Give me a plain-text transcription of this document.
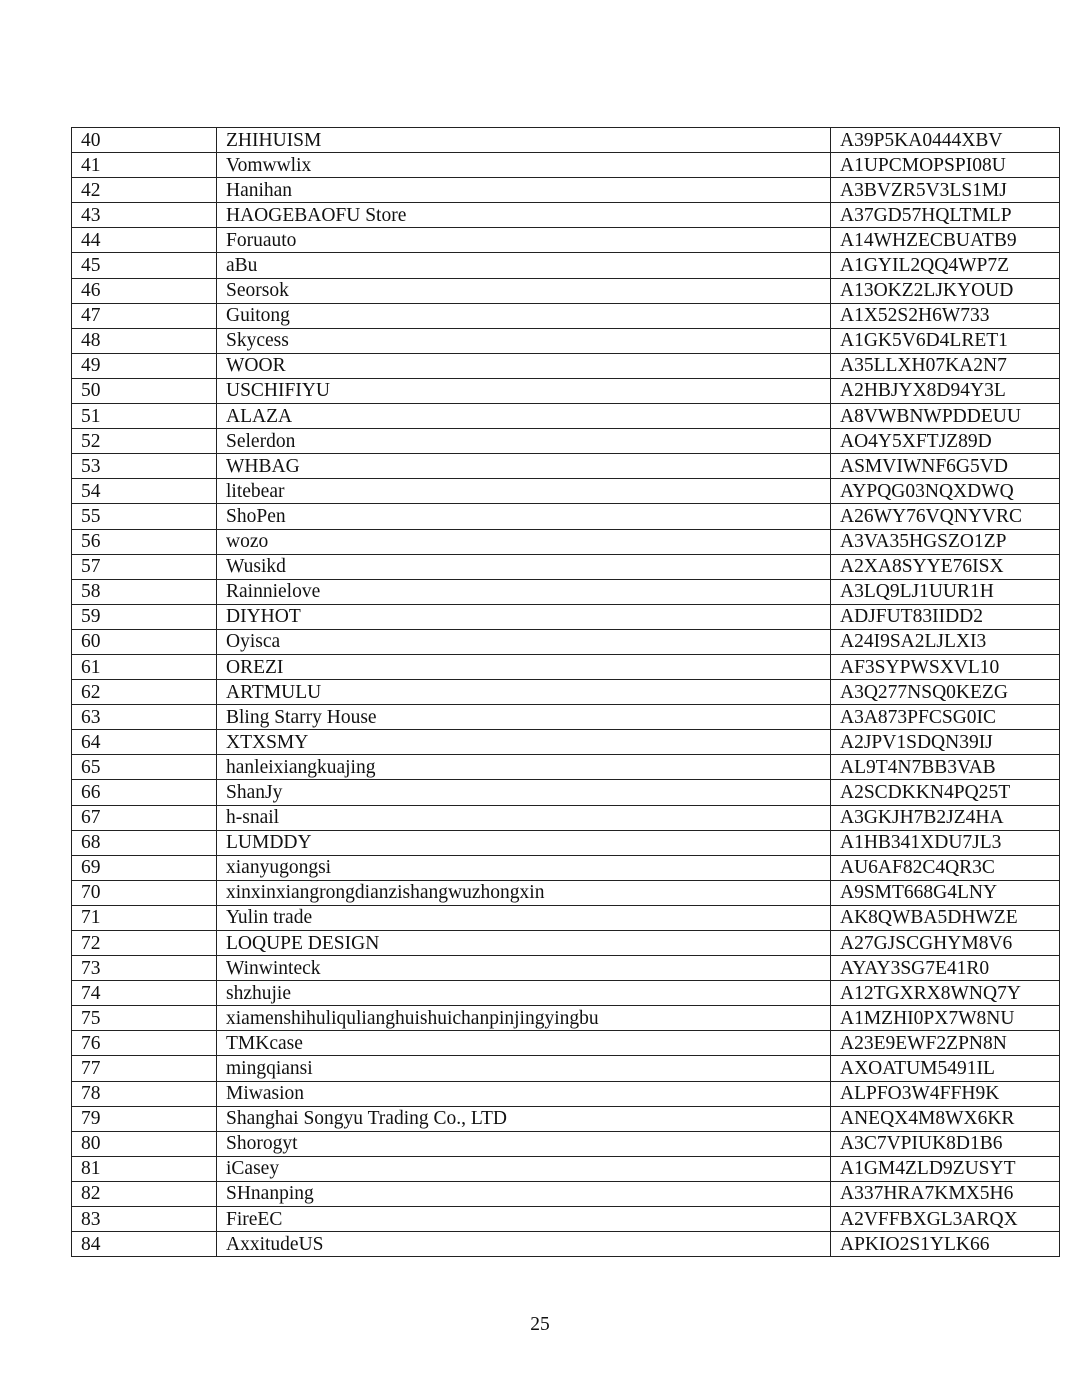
40	ZHIHUISM	A39P5KA0444XBV
41	Vomwwlix	A1UPCMOPSPI08U
42	Hanihan	A3BVZR5V3LS1MJ
43	HAOGEBAOFU Store	A37GD57HQLTMLP
44	Foruauto	A14WHZECBUATB9
45	aBu	A1GYIL2QQ4WP7Z
46	Seorsok	A13OKZ2LJKYOUD
47	Guitong	A1X52S2H6W733
48	Skycess	A1GK5V6D4LRET1
49	WOOR	A35LLXH07KA2N7
50	USCHIFIYU	A2HBJYX8D94Y3L
51	ALAZA	A8VWBNWPDDEUU
52	Selerdon	AO4Y5XFTJZ89D
53	WHBAG	ASMVIWNF6G5VD
54	litebear	AYPQG03NQXDWQ
55	ShoPen	A26WY76VQNYVRC
56	wozo	A3VA35HGSZO1ZP
57	Wusikd	A2XA8SYYE76ISX
58	Rainnielove	A3LQ9LJ1UUR1H
59	DIYHOT	ADJFUT83IIDD2
60	Oyisca	A24I9SA2LJLXI3
61	OREZI	AF3SYPWSXVL10
62	ARTMULU	A3Q277NSQ0KEZG
63	Bling Starry House	A3A873PFCSG0IC
64	XTXSMY	A2JPV1SDQN39IJ
65	hanleixiangkuajing	AL9T4N7BB3VAB
66	ShanJy	A2SCDKKN4PQ25T
67	h-snail	A3GKJH7B2JZ4HA
68	LUMDDY	A1HB341XDU7JL3
69	xianyugongsi	AU6AF82C4QR3C
70	xinxinxiangrongdianzishangwuzhongxin	A9SMT668G4LNY
71	Yulin trade	AK8QWBA5DHWZE
72	LOQUPE DESIGN	A27GJSCGHYM8V6
73	Winwinteck	AYAY3SG7E41R0
74	shzhujie	A12TGXRX8WNQ7Y
75	xiamenshihuliqulianghuishuichanpinjingyingbu	A1MZHI0PX7W8NU
76	TMKcase	A23E9EWF2ZPN8N
77	mingqiansi	AXOATUM5491IL
78	Miwasion	ALPFO3W4FFH9K
79	Shanghai Songyu Trading Co., LTD	ANEQX4M8WX6KR
80	Shorogyt	A3C7VPIUK8D1B6
81	iCasey	A1GM4ZLD9ZUSYT
82	SHnanping	A337HRA7KMX5H6
83	FireEC	A2VFFBXGL3ARQX
84	AxxitudeUS	APKIO2S1YLK66
25
